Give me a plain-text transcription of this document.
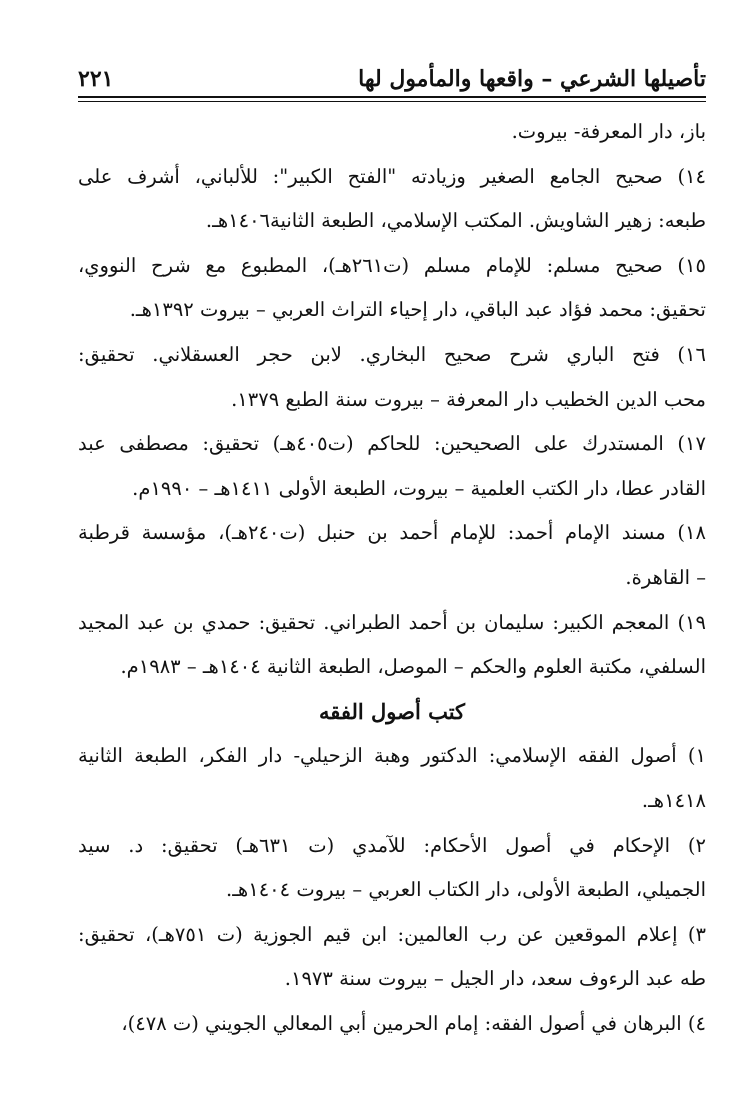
تأصيلها الشرعي – واقعها والمأمول لها
٢٢١
باز، دار المعرفة- بيروت.
١٤) صحيح الجامع الصغير وزيادته "الفتح الكبير": للألباني، أشرف على
طبعه: زهير الشاويش. المكتب الإسلامي، الطبعة الثانية١٤٠٦هـ.
١٥) صحيح مسلم: للإمام مسلم (ت٢٦١هـ)، المطبوع مع شرح النووي،
تحقيق: محمد فؤاد عبد الباقي، دار إحياء التراث العربي – بيروت ١٣٩٢هـ.
١٦) فتح الباري شرح صحيح البخاري. لابن حجر العسقلاني. تحقيق:
محب الدين الخطيب دار المعرفة – بيروت سنة الطبع ١٣٧٩.
١٧) المستدرك على الصحيحين: للحاكم (ت٤٠٥هـ) تحقيق: مصطفى عبد
القادر عطا، دار الكتب العلمية – بيروت، الطبعة الأولى ١٤١١هـ – ١٩٩٠م.
١٨) مسند الإمام أحمد: للإمام أحمد بن حنبل (ت٢٤٠هـ)، مؤسسة قرطبة
– القاهرة.
١٩) المعجم الكبير: سليمان بن أحمد الطبراني. تحقيق: حمدي بن عبد المجيد
السلفي، مكتبة العلوم والحكم – الموصل، الطبعة الثانية ١٤٠٤هـ – ١٩٨٣م.
كتب أصول الفقه
١) أصول الفقه الإسلامي: الدكتور وهبة الزحيلي- دار الفكر، الطبعة الثانية
١٤١٨هـ.
٢) الإحكام في أصول الأحكام: للآمدي (ت ٦٣١هـ) تحقيق: د. سيد
الجميلي، الطبعة الأولى، دار الكتاب العربي – بيروت ١٤٠٤هـ.
٣) إعلام الموقعين عن رب العالمين: ابن قيم الجوزية (ت ٧٥١هـ)، تحقيق:
طه عبد الرءوف سعد، دار الجيل – بيروت سنة ١٩٧٣.
٤) البرهان في أصول الفقه: إمام الحرمين أبي المعالي الجويني (ت ٤٧٨)،
